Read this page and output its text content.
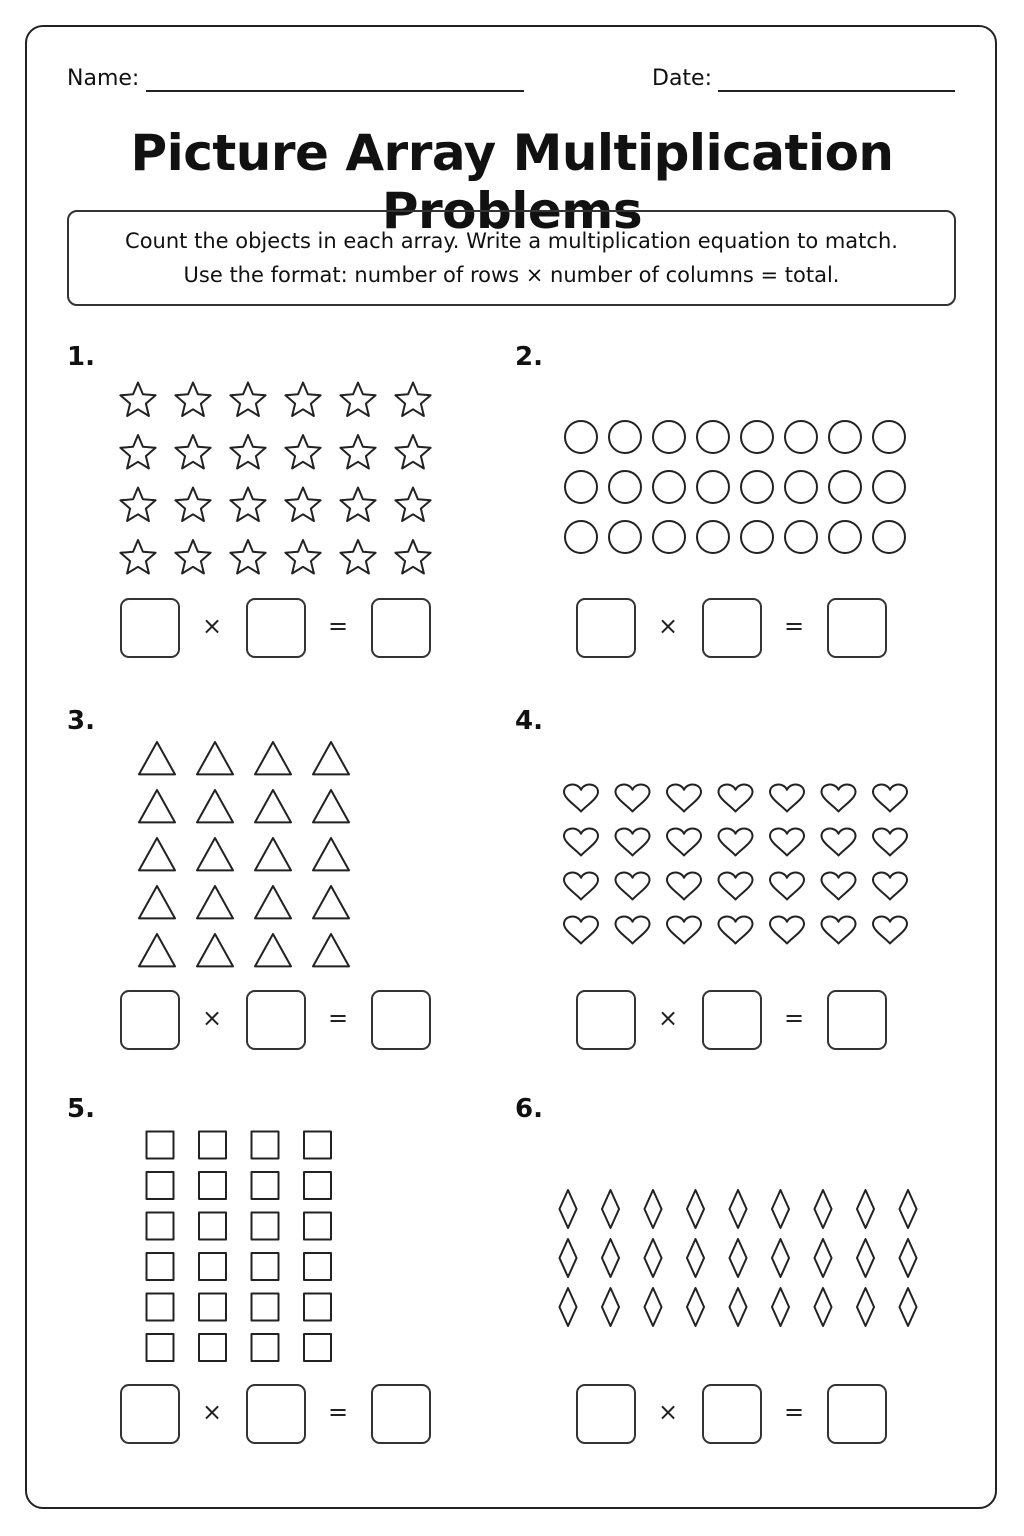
Name:	Date:
Picture Array Multiplication Problems
Count the objects in each array. Write a multiplication equation to match.
Use the format: number of rows × number of columns = total.
1.
×	=
2.
×	=
3.
×	=
4.
×	=
5.
×	=
6.
×	=
